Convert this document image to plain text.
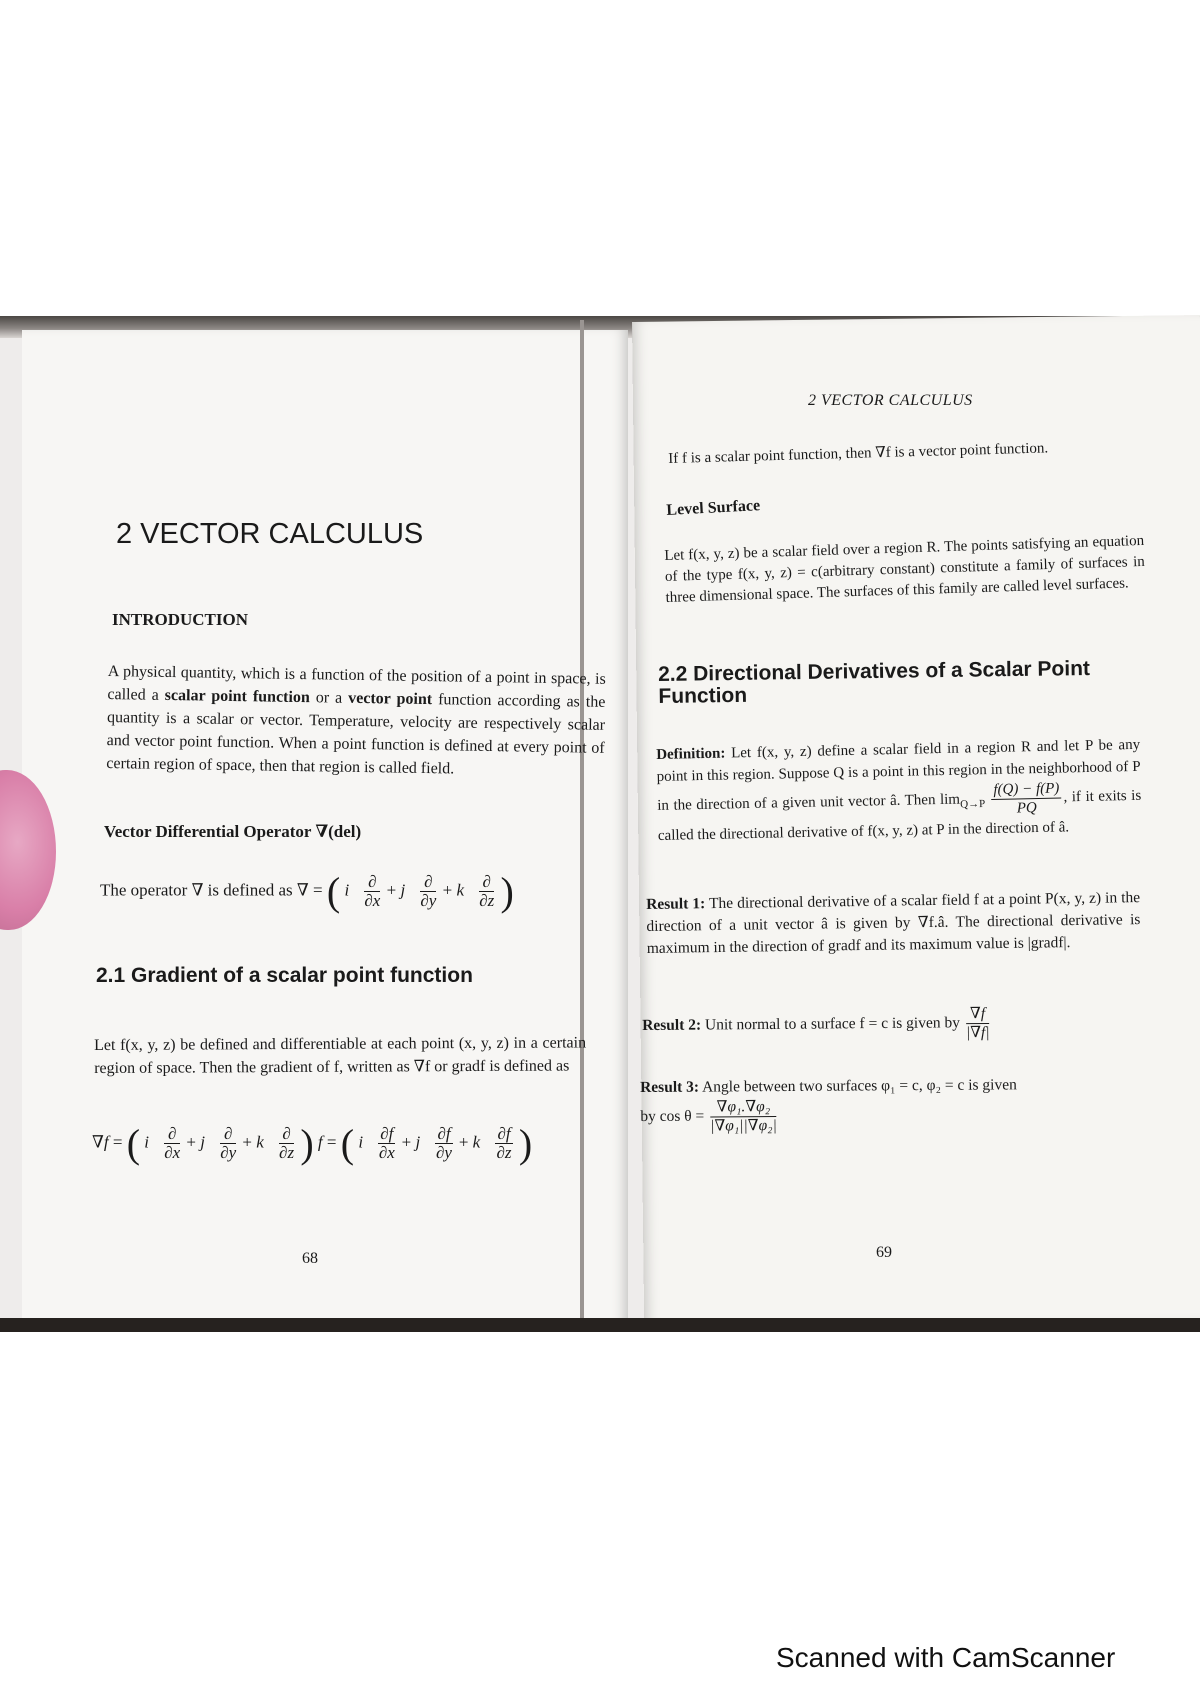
2 VECTOR CALCULUS
INTRODUCTION
A physical quantity, which is a function of the position of a point in space, is called a scalar point function or a vector point function according as the quantity is a scalar or vector. Temperature, velocity are respectively scalar and vector point function. When a point function is defined at every point of certain region of space, then that region is called field.
Vector Differential Operator ∇(del)
The operator ∇ is defined as ∇ = ( i⃗ $\frac{\partial}{\partial x}$ + j⃗ $\frac{\partial}{\partial y}$ + k⃗ $\frac{\partial}{\partial z}$ )
2.1 Gradient of a scalar point function
Let f(x, y, z) be defined and differentiable at each point (x, y, z) in a certain region of space. Then the gradient of f, written as ∇f or gradf is defined as
∇f = ( i⃗ $\frac{\partial}{\partial x}$ + j⃗ $\frac{\partial}{\partial y}$ + k⃗ $\frac{\partial}{\partial z}$ ) f = ( i⃗ $\frac{\partial f}{\partial x}$ + j⃗ $\frac{\partial f}{\partial y}$ + k⃗ $\frac{\partial f}{\partial z}$ )
68
2 VECTOR CALCULUS
If f is a scalar point function, then ∇f is a vector point function.
Level Surface
Let f(x, y, z) be a scalar field over a region R. The points satisfying an equation of the type f(x, y, z) = c(arbitrary constant) constitute a family of surfaces in three dimensional space. The surfaces of this family are called level surfaces.
2.2 Directional Derivatives of a Scalar Point Function
Definition: Let f(x, y, z) define a scalar field in a region R and let P be any point in this region. Suppose Q is a point in this region in the neighborhood of P in the direction of a given unit vector â. Then $\lim_{Q\to P} \frac{f(Q) - f(P)}{PQ}$ , if it exits is called the directional derivative of f(x, y, z) at P in the direction of â.
Result 1: The directional derivative of a scalar field f at a point P(x, y, z) in the direction of a unit vector â is given by ∇f.â. The directional derivative is maximum in the direction of gradf and its maximum value is |gradf|.
Result 2: Unit normal to a surface f = c is given by $\frac{\nabla f}{|\nabla f|}$
Result 3: Angle between two surfaces φ₁ = c, φ₂ = c is given
by $\cos \theta = \frac{\text{∇φ₁.∇φ₂}}{\text{|∇φ₁||∇φ₂|}}$
69
Scanned with CamScanner
